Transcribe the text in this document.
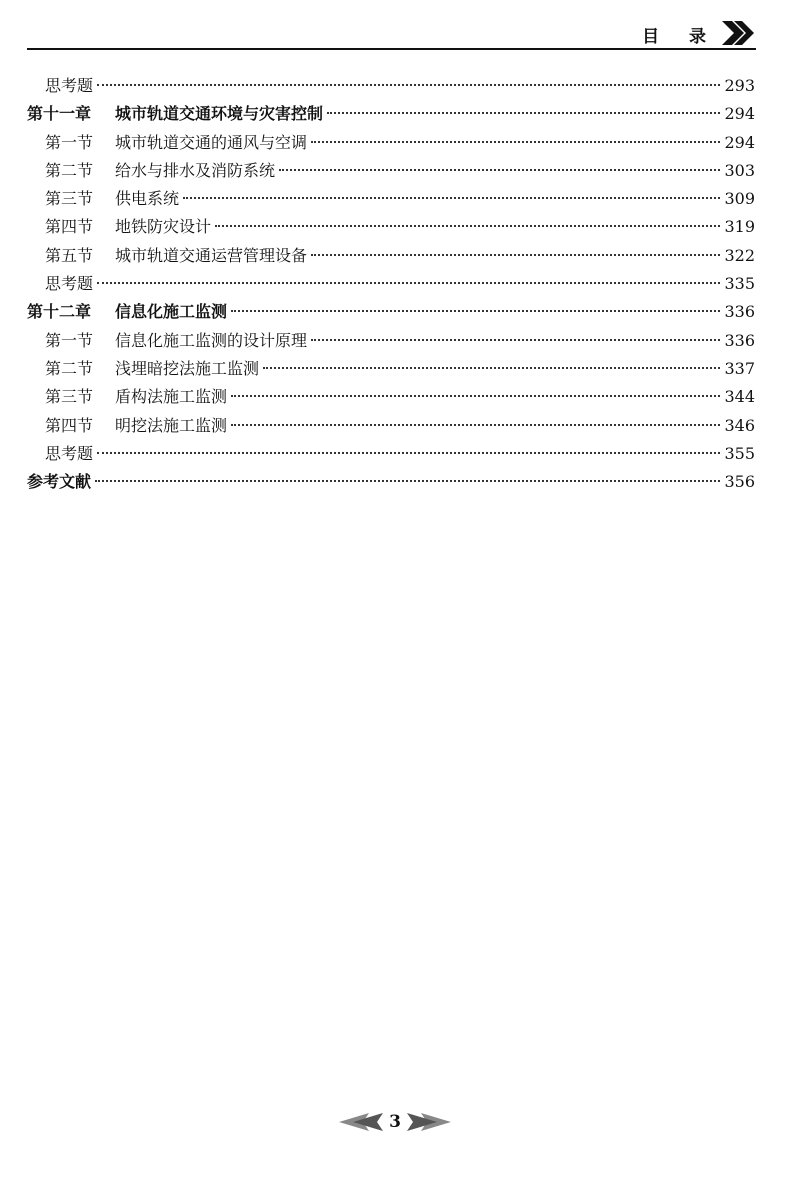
目 录
思考题	293
第十一章	城市轨道交通环境与灾害控制	294
第一节	城市轨道交通的通风与空调	294
第二节	给水与排水及消防系统	303
第三节	供电系统	309
第四节	地铁防灾设计	319
第五节	城市轨道交通运营管理设备	322
思考题	335
第十二章	信息化施工监测	336
第一节	信息化施工监测的设计原理	336
第二节	浅埋暗挖法施工监测	337
第三节	盾构法施工监测	344
第四节	明挖法施工监测	346
思考题	355
参考文献	356
3
